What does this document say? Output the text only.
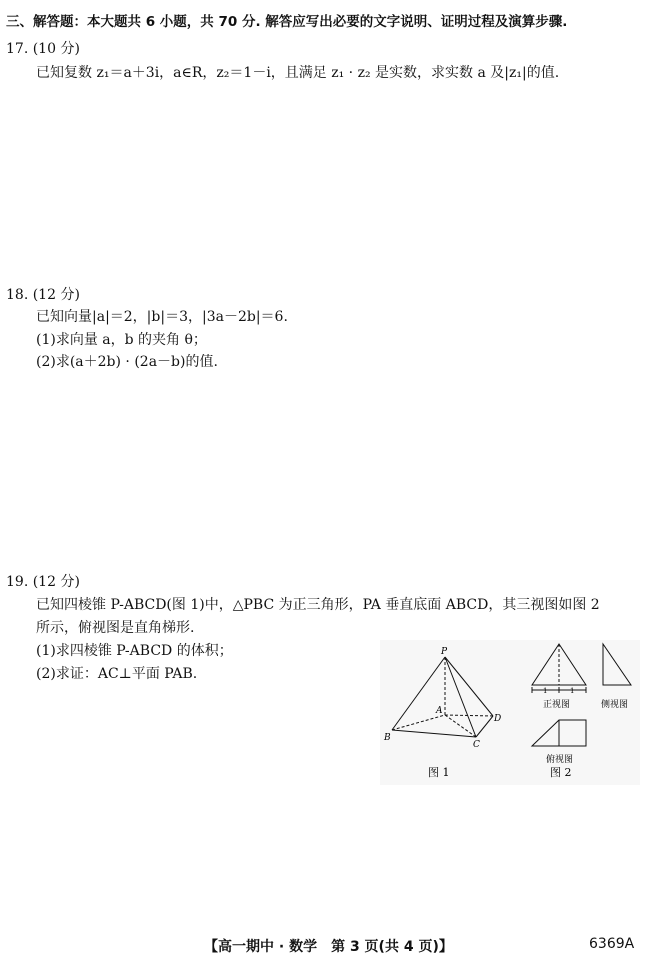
三、解答题：本大题共 6 小题，共 70 分. 解答应写出必要的文字说明、证明过程及演算步骤.
17. (10 分)
已知复数 z₁＝a＋3i，a∈R，z₂＝1－i，且满足 z₁ · z₂ 是实数，求实数 a 及|z₁|的值.
18. (12 分)
已知向量|a|＝2，|b|＝3，|3a－2b|＝6.
(1)求向量 a，b 的夹角 θ；
(2)求(a＋2b) · (2a－b)的值.
19. (12 分)
已知四棱锥 P-ABCD(图 1)中，△PBC 为正三角形，PA 垂直底面 ABCD，其三视图如图 2
所示，俯视图是直角梯形.
(1)求四棱锥 P-ABCD 的体积；
(2)求证：AC⊥平面 PAB.
P
A
B
C
D
图 1
1	1
正视图	侧视图
俯视图
图 2
【高一期中 · 数学　第 3 页(共 4 页)】	6369A
